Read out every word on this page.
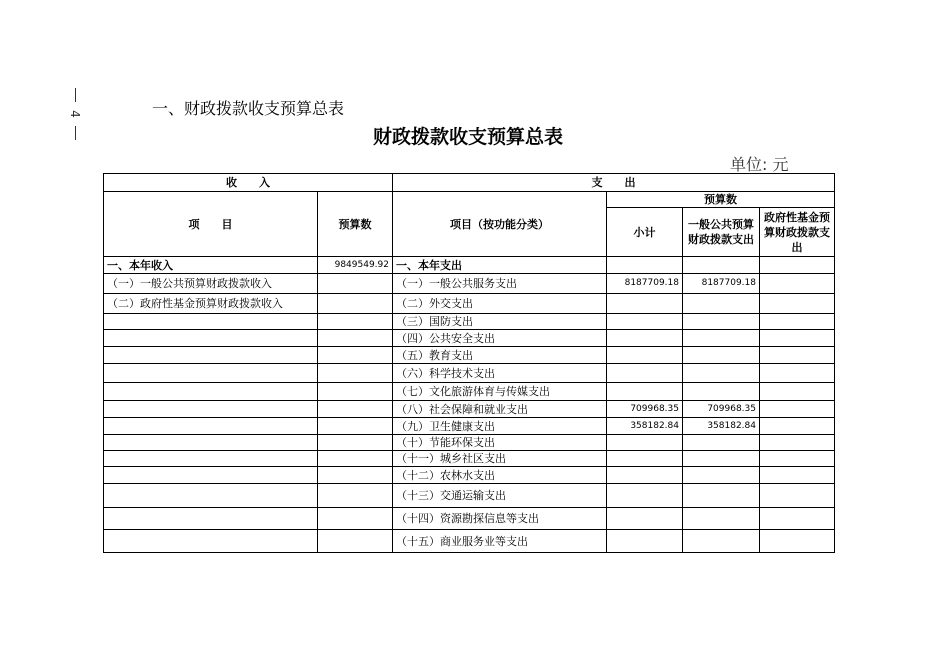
4	一、财政拨款收支预算总表
财政拨款收支预算总表
单位: 元
收　　入		支　　出			
项　　目	预算数	项目（按功能分类）	预算数		
			小计	一般公共预算财政拨款支出	政府性基金预算财政拨款支出
一、本年收入	9849549.92	一、本年支出			
（一）一般公共预算财政拨款收入		（一）一般公共服务支出	8187709.18	8187709.18	
（二）政府性基金预算财政拨款收入		（二）外交支出			
		（三）国防支出			
		（四）公共安全支出			
		（五）教育支出			
		（六）科学技术支出			
		（七）文化旅游体育与传媒支出			
		（八）社会保障和就业支出	709968.35	709968.35	
		（九）卫生健康支出	358182.84	358182.84	
		（十）节能环保支出			
		（十一）城乡社区支出			
		（十二）农林水支出			
		（十三）交通运输支出			
		（十四）资源勘探信息等支出			
		（十五）商业服务业等支出			
